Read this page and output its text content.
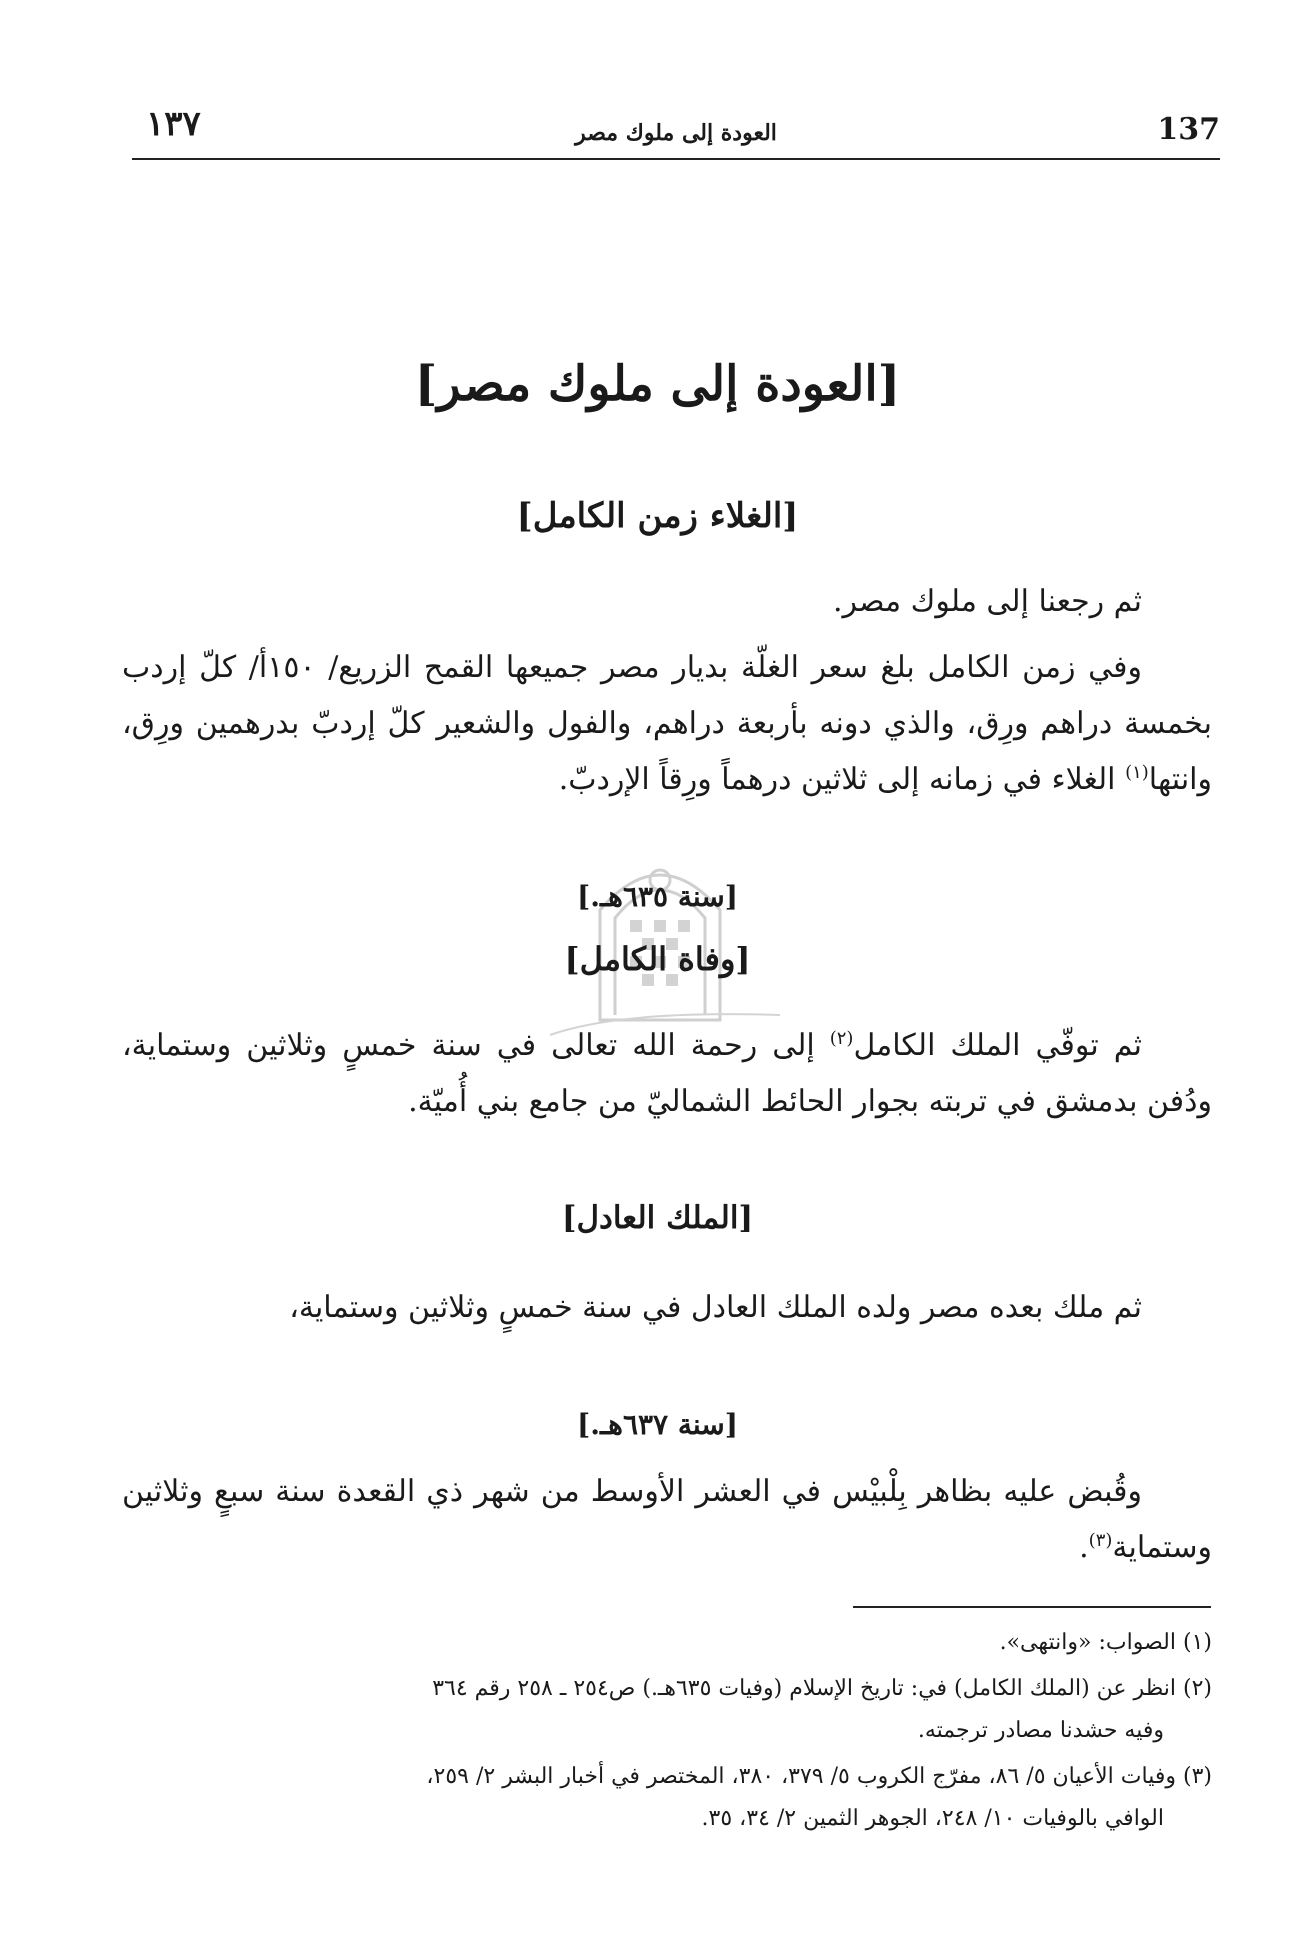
137
العودة إلى ملوك مصر
١٣٧
[العودة إلى ملوك مصر]
[الغلاء زمن الكامل]
ثم رجعنا إلى ملوك مصر.
وفي زمن الكامل بلغ سعر الغلّة بديار مصر جميعها القمح الزريع/ ١٥٠أ/ كلّ إردب بخمسة دراهم ورِق، والذي دونه بأربعة دراهم، والفول والشعير كلّ إردبّ بدرهمين ورِق، وانتها$^{(١)}$ الغلاء في زمانه إلى ثلاثين درهماً ورِقاً الإردبّ.
[سنة ٦٣٥هـ.]
[وفاة الكامل]
ثم توفّي الملك الكامل$^{(٢)}$ إلى رحمة الله تعالى في سنة خمسٍ وثلاثين وستماية، ودُفن بدمشق في تربته بجوار الحائط الشماليّ من جامع بني أُميّة.
[الملك العادل]
ثم ملك بعده مصر ولده الملك العادل في سنة خمسٍ وثلاثين وستماية،
[سنة ٦٣٧هـ.]
وقُبض عليه بظاهر بِلْبيْس في العشر الأوسط من شهر ذي القعدة سنة سبعٍ وثلاثين وستماية$^{(٣)}$.

(١) الصواب: «وانتهى».

(٢) انظر عن (الملك الكامل) في: تاريخ الإسلام (وفيات ٦٣٥هـ.) ص٢٥٤ ـ ٢٥٨ رقم ٣٦٤
وفيه حشدنا مصادر ترجمته.

(٣) وفيات الأعيان ٥/ ٨٦، مفرّج الكروب ٥/ ٣٧٩، ٣٨٠، المختصر في أخبار البشر ٢/ ٢٥٩،
الوافي بالوفيات ١٠/ ٢٤٨، الجوهر الثمين ٢/ ٣٤، ٣٥.
